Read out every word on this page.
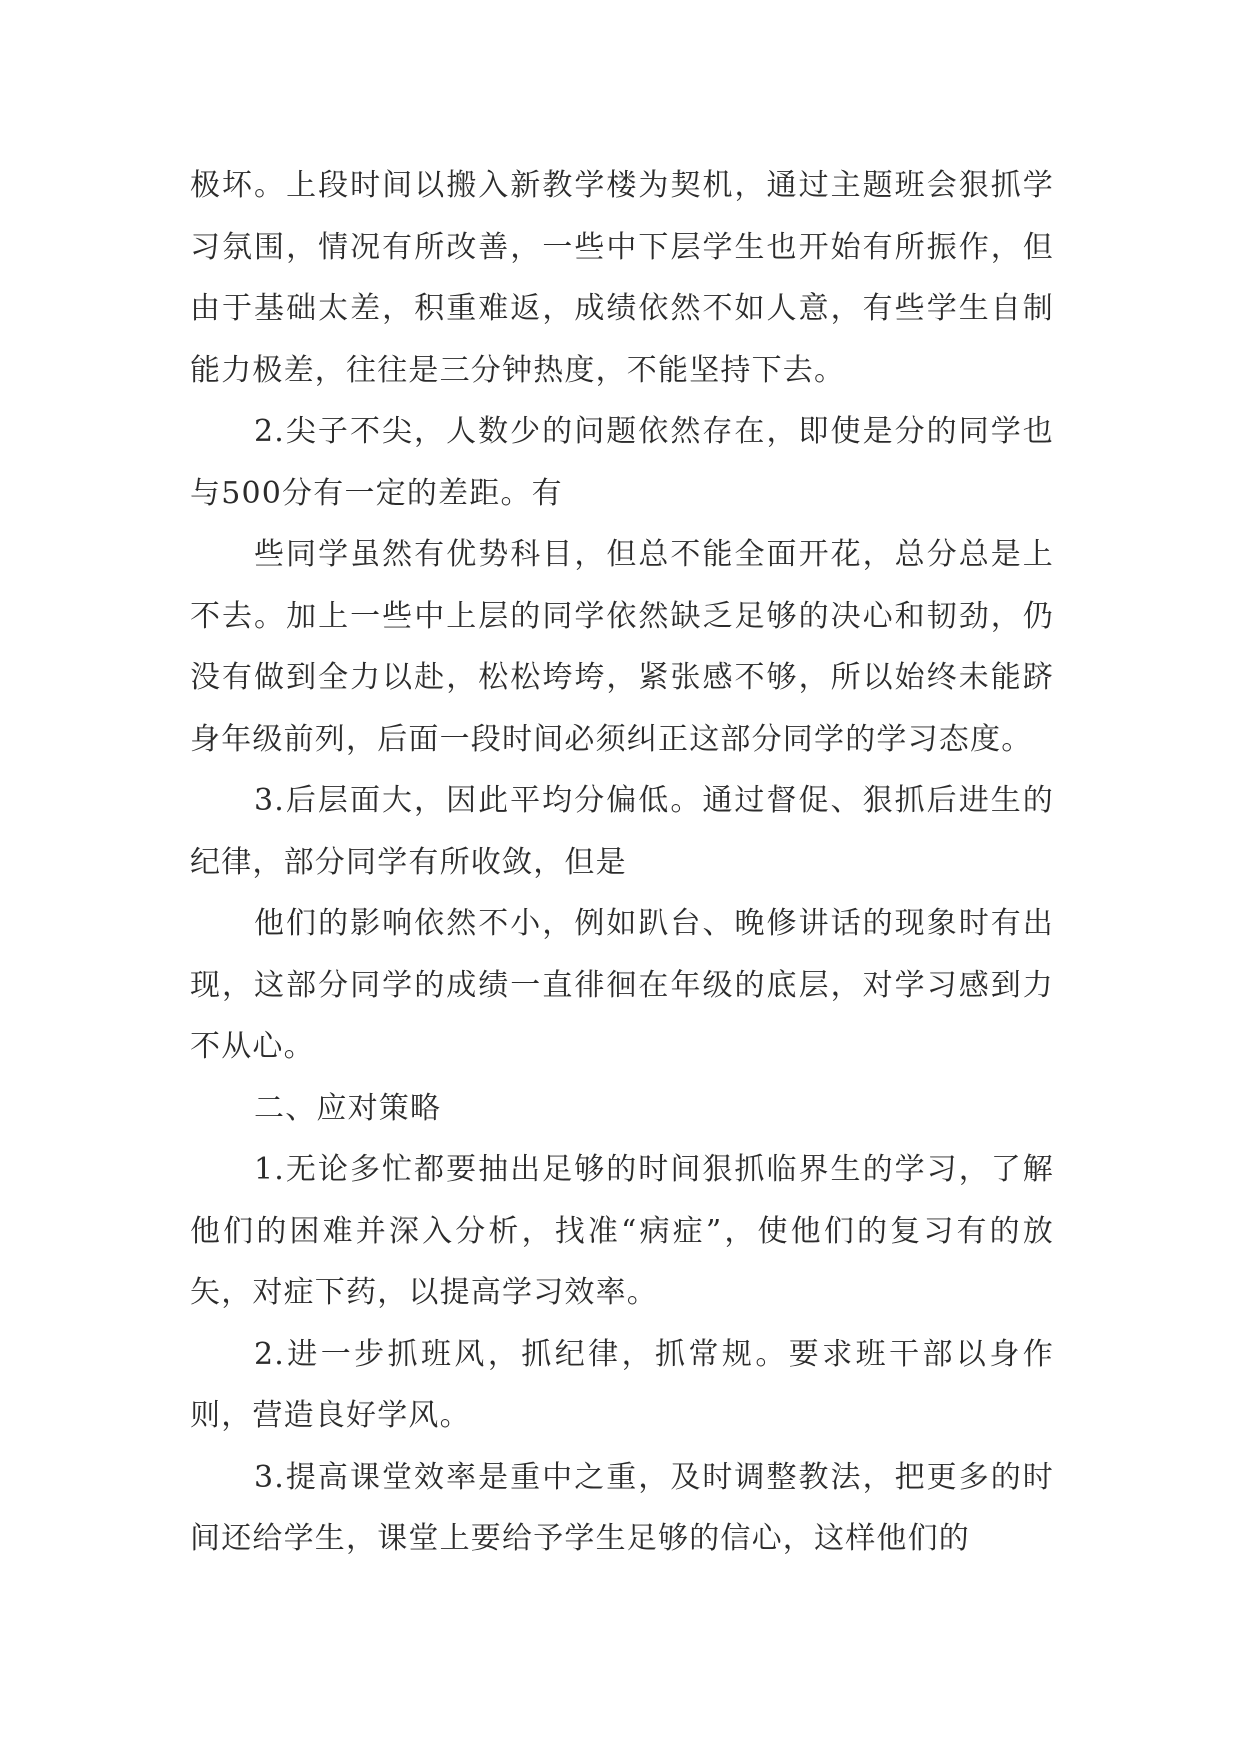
极坏。上段时间以搬入新教学楼为契机，通过主题班会狠抓学习氛围，情况有所改善，一些中下层学生也开始有所振作，但由于基础太差，积重难返，成绩依然不如人意，有些学生自制能力极差，往往是三分钟热度，不能坚持下去。

2.尖子不尖，人数少的问题依然存在，即使是分的同学也与500分有一定的差距。有

些同学虽然有优势科目，但总不能全面开花，总分总是上不去。加上一些中上层的同学依然缺乏足够的决心和韧劲，仍没有做到全力以赴，松松垮垮，紧张感不够，所以始终未能跻身年级前列，后面一段时间必须纠正这部分同学的学习态度。

3.后层面大，因此平均分偏低。通过督促、狠抓后进生的纪律，部分同学有所收敛，但是

他们的影响依然不小，例如趴台、晚修讲话的现象时有出现，这部分同学的成绩一直徘徊在年级的底层，对学习感到力不从心。

二、应对策略

1.无论多忙都要抽出足够的时间狠抓临界生的学习，了解他们的困难并深入分析，找准“病症”，使他们的复习有的放矢，对症下药，以提高学习效率。

2.进一步抓班风，抓纪律，抓常规。要求班干部以身作则，营造良好学风。

3.提高课堂效率是重中之重，及时调整教法，把更多的时间还给学生，课堂上要给予学生足够的信心，这样他们的
